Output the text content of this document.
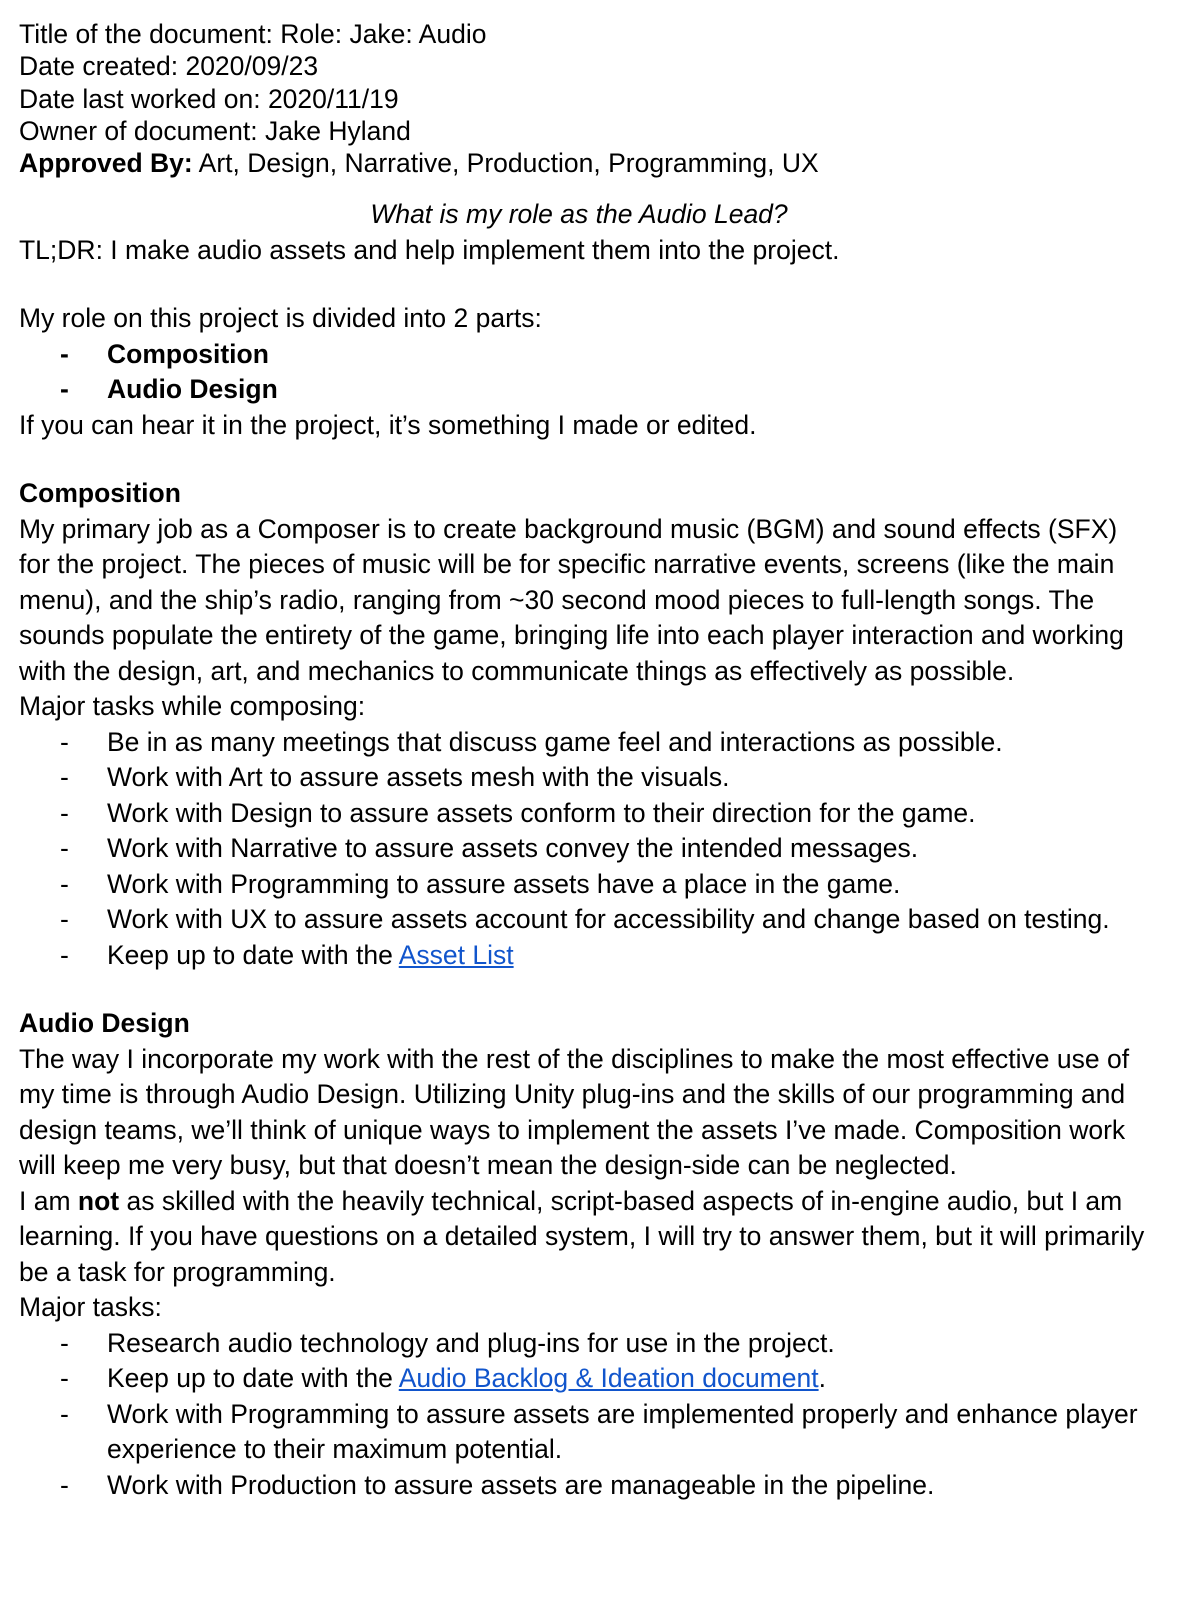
Title of the document: Role: Jake: Audio
Date created: 2020/09/23
Date last worked on: 2020/11/19
Owner of document: Jake Hyland
Approved By: Art, Design, Narrative, Production, Programming, UX
What is my role as the Audio Lead?
TL;DR: I make audio assets and help implement them into the project.
My role on this project is divided into 2 parts:
- Composition
- Audio Design
If you can hear it in the project, it’s something I made or edited.
Composition
My primary job as a Composer is to create background music (BGM) and sound effects (SFX)
for the project. The pieces of music will be for specific narrative events, screens (like the main
menu), and the ship’s radio, ranging from ~30 second mood pieces to full-length songs. The
sounds populate the entirety of the game, bringing life into each player interaction and working
with the design, art, and mechanics to communicate things as effectively as possible.
Major tasks while composing:
- Be in as many meetings that discuss game feel and interactions as possible.
- Work with Art to assure assets mesh with the visuals.
- Work with Design to assure assets conform to their direction for the game.
- Work with Narrative to assure assets convey the intended messages.
- Work with Programming to assure assets have a place in the game.
- Work with UX to assure assets account for accessibility and change based on testing.
- Keep up to date with the Asset List
Audio Design
The way I incorporate my work with the rest of the disciplines to make the most effective use of
my time is through Audio Design. Utilizing Unity plug-ins and the skills of our programming and
design teams, we’ll think of unique ways to implement the assets I’ve made. Composition work
will keep me very busy, but that doesn’t mean the design-side can be neglected.
I am not as skilled with the heavily technical, script-based aspects of in-engine audio, but I am
learning. If you have questions on a detailed system, I will try to answer them, but it will primarily
be a task for programming.
Major tasks:
- Research audio technology and plug-ins for use in the project.
- Keep up to date with the Audio Backlog & Ideation document.
- Work with Programming to assure assets are implemented properly and enhance player
experience to their maximum potential.
- Work with Production to assure assets are manageable in the pipeline.
